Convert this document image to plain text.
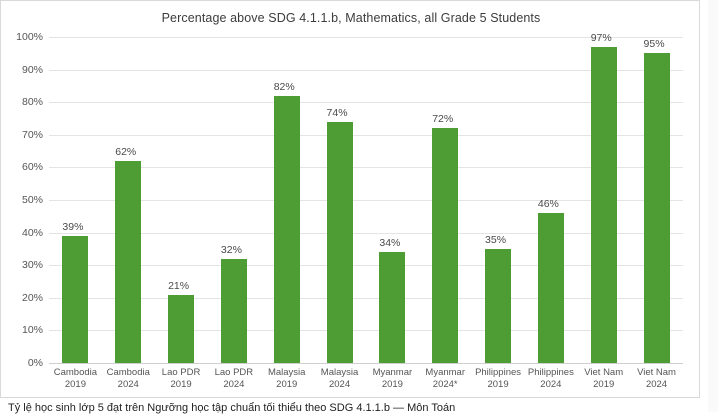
Percentage above SDG 4.1.1.b, Mathematics, all Grade 5 Students
0%
10%
20%
30%
40%
50%
60%
70%
80%
90%
100%
39%
62%
21%
32%
82%
74%
34%
72%
35%
46%
97%
95%
Cambodia
2019
Cambodia
2024
Lao PDR
2019
Lao PDR
2024
Malaysia
2019
Malaysia
2024
Myanmar
2019
Myanmar
2024*
Philippines
2019
Philippines
2024
Viet Nam
2019
Viet Nam
2024
Tỷ lệ học sinh lớp 5 đạt trên Ngưỡng học tập chuẩn tối thiểu theo SDG 4.1.1.b — Môn Toán
